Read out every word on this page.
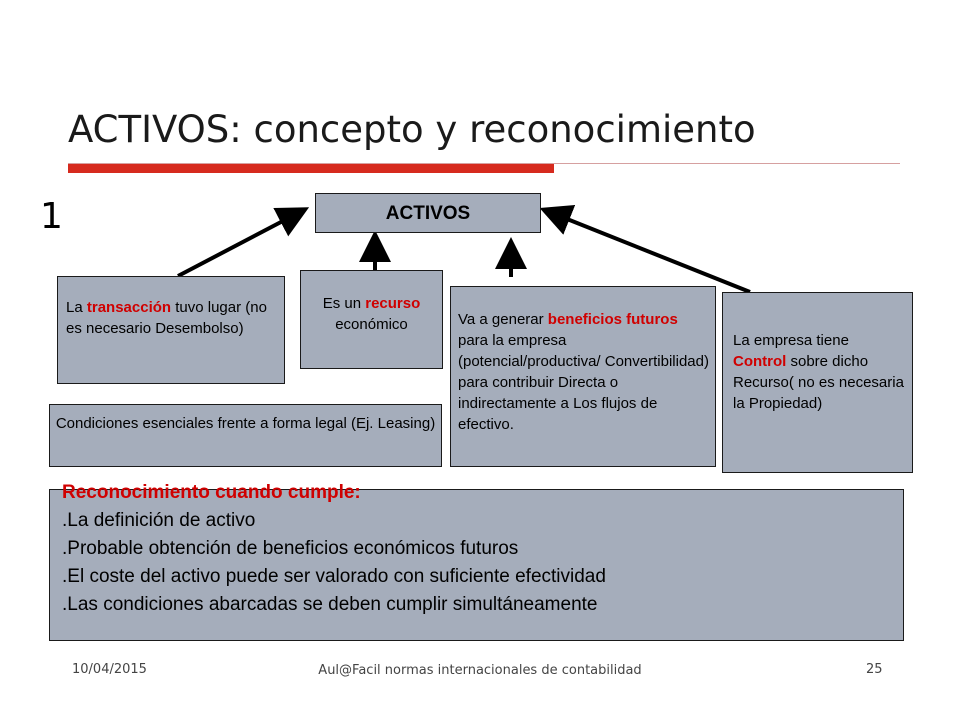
ACTIVOS: concepto y reconocimiento
1	ACTIVOS
La transacción tuvo lugar (no es necesario Desembolso)
Es un recurso económico	Va a generar beneficios futuros para la empresa (potencial/productiva/ Convertibilidad) para contribuir Directa o indirectamente a Los flujos de efectivo.
La empresa tiene Control sobre dicho Recurso( no es necesaria la Propiedad)
Condiciones esenciales frente a forma legal (Ej. Leasing)
Reconocimiento cuando cumple:
.La definición de activo
.Probable obtención de beneficios económicos futuros
.El coste del activo puede ser valorado con suficiente efectividad
.Las condiciones abarcadas se deben cumplir simultáneamente
10/04/2015	Aul@Facil normas internacionales de contabilidad	25
